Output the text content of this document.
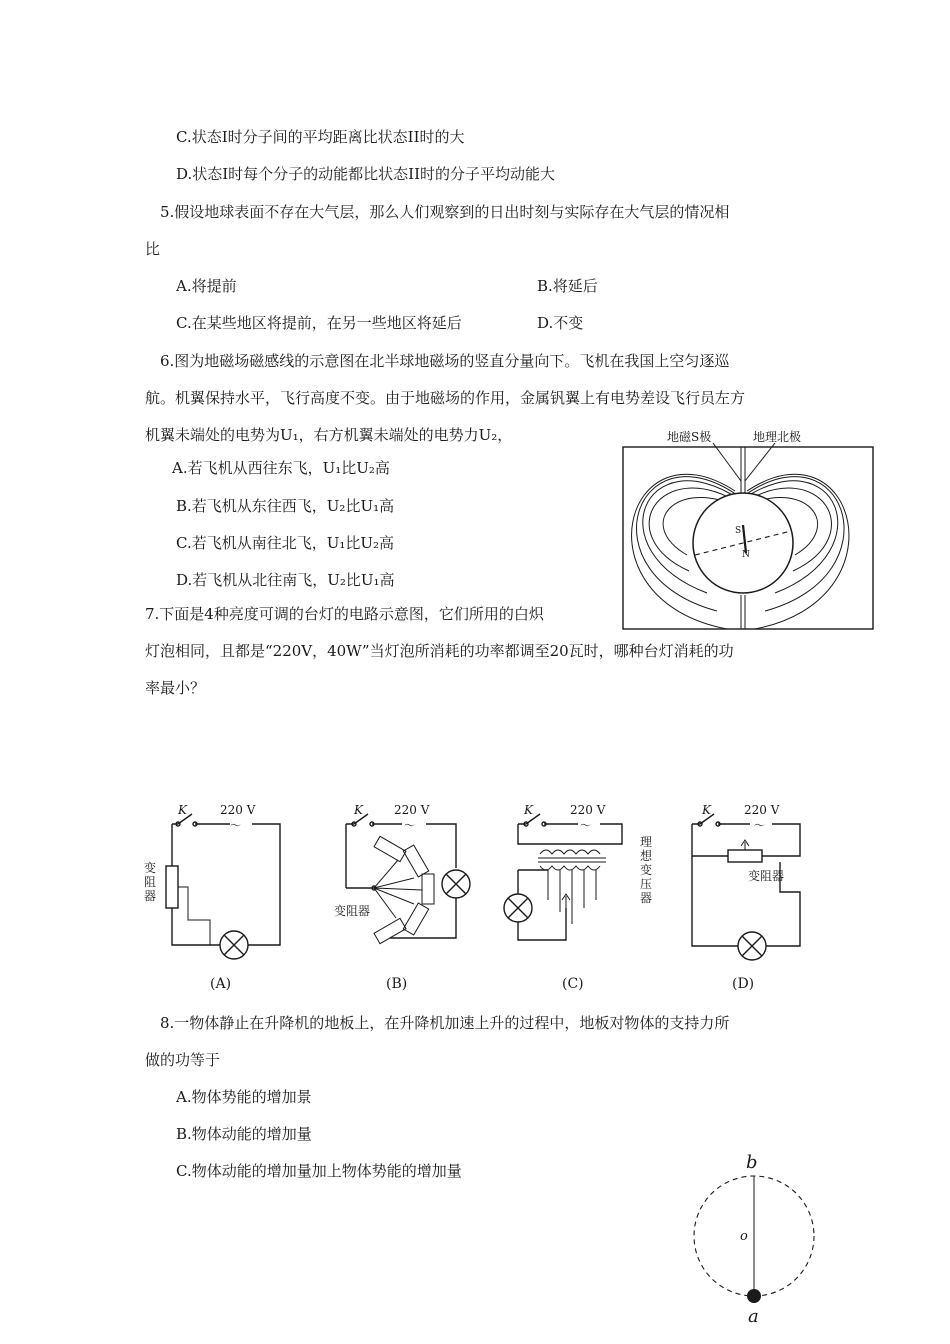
C.状态Ⅰ时分子间的平均距离比状态II时的大
D.状态Ⅰ时每个分子的动能都比状态II时的分子平均动能大
5.假设地球表面不存在大气层，那么人们观察到的日出时刻与实际存在大气层的情况相
比
A.将提前	B.将延后
C.在某些地区将提前，在另一些地区将延后	D.不变
6.图为地磁场磁感线的示意图在北半球地磁场的竖直分量向下。飞机在我国上空匀逐巡
航。机翼保持水平，飞行高度不变。由于地磁场的作用，金属钒翼上有电势差设飞行员左方
机翼未端处的电势为U₁，右方机翼未端处的电势力U₂，
A.若飞机从西往东飞，U₁比U₂高
B.若飞机从东往西飞，U₂比U₁高
C.若飞机从南往北飞，U₁比U₂高
D.若飞机从北往南飞，U₂比U₁高
7.下面是4种亮度可调的台灯的电路示意图，它们所用的白炽
灯泡相同，且都是“220V，40W”当灯泡所消耗的功率都调至20瓦时，哪种台灯消耗的功
率最小？
8.一物体静止在升降机的地板上，在升降机加速上升的过程中，地板对物体的支持力所
做的功等于
A.物体势能的增加景
B.物体动能的增加量
C.物体动能的增加量加上物体势能的增加量
地磁S极	地理北极
S
N
K	220 V
～
变阻器
(A)
K	220 V
～
变阻器
(B)
K	220 V
～
理想变压器
(C)
K	220 V
～
变阻器
(D)
b
o
a
